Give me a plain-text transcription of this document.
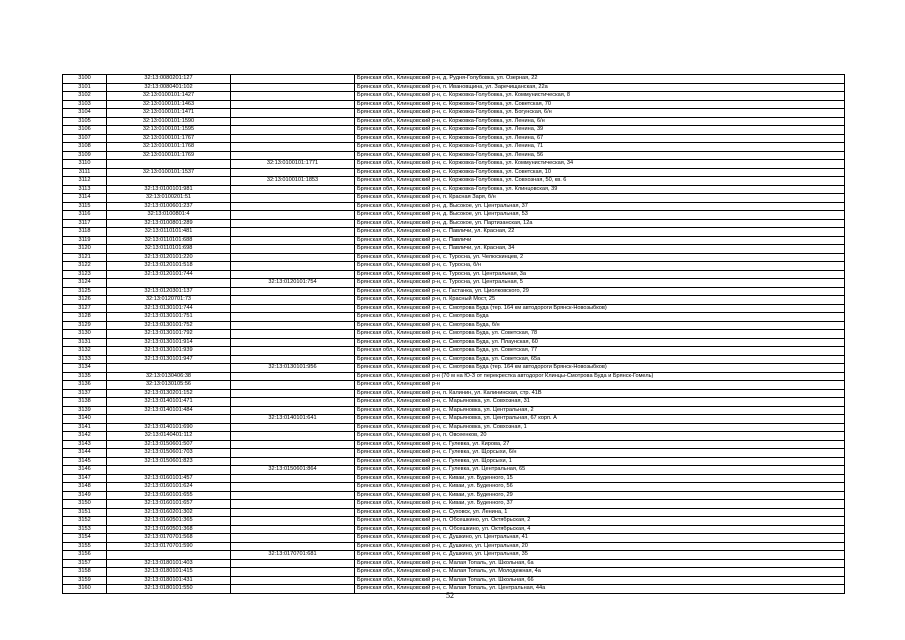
3100	32:13:0080201:127		Брянская обл., Клинцовский р-н, д. Рудня-Голубовка, ул. Озерная, 22
3101	32:13:0080401:102		Брянская обл., Клинцовский р-н, п. Ивановщина, ул. Заречищанская, 22а
3102	32:13:0100101:1427		Брянская обл., Клинцовский р-н, с. Коржовка-Голубовка, ул. Коммунистическая, 8
3103	32:13:0100101:1463		Брянская обл., Клинцовский р-н, с. Коржовка-Голубовка, ул. Советская, 70
3104	32:13:0100101:1471		Брянская обл., Клинцовский р-н, с. Коржовка-Голубовка, ул. Богунская, 6/н
3105	32:13:0100101:1590		Брянская обл., Клинцовский р-н, с. Коржовка-Голубовка, ул. Ленина, 6/н
3106	32:13:0100101:1595		Брянская обл., Клинцовский р-н, с. Коржовка-Голубовка, ул. Ленина, 39
3107	32:13:0100101:1767		Брянская обл., Клинцовский р-н, с. Коржовка-Голубовка, ул. Ленина, 67
3108	32:13:0100101:1768		Брянская обл., Клинцовский р-н, с. Коржовка-Голубовка, ул. Ленина, 71
3109	32:13:0100101:1769		Брянская обл., Клинцовский р-н, с. Коржовка-Голубовка, ул. Ленина, 56
3110		32:13:0100101:1771	Брянская обл., Клинцовский р-н, с. Коржовка-Голубовка, ул. Коммунистическая, 34
3111	32:13:0100101:1537		Брянская обл., Клинцовский р-н, с. Коржовка-Голубовка, ул. Советская, 10
3112		32:13:0100101:1853	Брянская обл., Клинцовский р-н, с. Коржовка-Голубовка, ул. Совхозная, 50, кв. 6
3113	32:13:0100101:981		Брянская обл., Клинцовский р-н, с. Коржовка-Голубовка, ул. Клинцовская, 39
3114	32:13:0100201:51		Брянская обл., Клинцовский р-н, п. Красная Заря, б/н
3115	32:13:0100601:237		Брянская обл., Клинцовский р-н, д. Высокое, ул. Центральная, 37
3116	32:13:0100801:4		Брянская обл., Клинцовский р-н, д. Высокое, ул. Центральная, 53
3117	32:13:0100801:289		Брянская обл., Клинцовский р-н, д. Высокое, ул. Партизанская, 12а
3118	32:13:0110101:481		Брянская обл., Клинцовский р-н, с. Павличи, ул. Красная, 22
3119	32:13:0110101:688		Брянская обл., Клинцовский р-н, с. Павличи
3120	32:13:0110101:698		Брянская обл., Клинцовский р-н, с. Павличи, ул. Красная, 34
3121	32:13:0120101:220		Брянская обл., Клинцовский р-н, с. Туросна, ул. Челюскинцев, 2
3122	32:13:0120101:518		Брянская обл., Клинцовский р-н, с. Туросна, б/н
3123	32:13:0120101:744		Брянская обл., Клинцовский р-н, с. Туросна, ул. Центральная, 3а
3124		32:13:0120101:754	Брянская обл., Клинцовский р-н, с. Туросна, ул. Центральная, 5
3125	32:13:0120301:137		Брянская обл., Клинцовский р-н, с. Гастанка, ул. Циолковского, 29
3126	32:13:0120701:73		Брянская обл., Клинцовский р-н, п. Красный Мост, 25
3127	32:13:0130101:744		Брянская обл., Клинцовский р-н, с. Смотрова Буда (тер. 164 км автодороги Брянск-Новозыбков)
3128	32:13:0130101:751		Брянская обл., Клинцовский р-н, с. Смотрова Буда
3129	32:13:0130101:752		Брянская обл., Клинцовский р-н, с. Смотрова Буда, б/н
3130	32:13:0130101:792		Брянская обл., Клинцовский р-н, с. Смотрова Буда, ул. Советская, 78
3131	32:13:0130101:914		Брянская обл., Клинцовский р-н, с. Смотрова Буда, ул. Плаунская, 60
3132	32:13:0130101:939		Брянская обл., Клинцовский р-н, с. Смотрова Буда, ул. Советская, 77
3133	32:13:0130101:947		Брянская обл., Клинцовский р-н, с. Смотрова Буда, ул. Советская, 65а
3134		32:13:0130101:956	Брянская обл., Клинцовский р-н, с. Смотрова Буда (тер. 164 км автодороги Брянск-Новозыбков)
3135	32:13:0130406:38		Брянская обл., Клинцовский р-н (70 м на Ю-З от перекрестка автодорог Клинцы-Смотрова Буда и Брянск-Гомель)
3136	32:13:0130105:56		Брянская обл., Клинцовский р-н
3137	32:13:0130201:152		Брянская обл., Клинцовский р-н, п. Калинин, ул. Калининская, стр. 41В
3138	32:13:0140101:471		Брянская обл., Клинцовский р-н, с. Марьяновка, ул. Совхозная, 31
3139	32:13:0140101:484		Брянская обл., Клинцовский р-н, с. Марьяновка, ул. Центральная, 2
3140		32:13:0140101:641	Брянская обл., Клинцовский р-н, с. Марьяновка, ул. Центральная, 67 корп. А
3141	32:13:0140101:690		Брянская обл., Клинцовский р-н, с. Марьяновка, ул. Совхозная, 1
3142	32:13:0140401:112		Брянская обл., Клинцовский р-н, п. Овсеенков, 20
3143	32:13:0150601:507		Брянская обл., Клинцовский р-н, с. Гулевка, ул. Кирова, 27
3144	32:13:0150601:703		Брянская обл., Клинцовский р-н, с. Гулевка, ул. Щорсыхи, 6/н
3145	32:13:0150601:823		Брянская обл., Клинцовский р-н, с. Гулевка, ул. Щорсыхи, 1
3146		32:13:0150601:864	Брянская обл., Клинцовский р-н, с. Гулевка, ул. Центральная, 65
3147	32:13:0160101:457		Брянская обл., Клинцовский р-н, с. Киваи, ул. Буденного, 15
3148	32:13:0160101:624		Брянская обл., Клинцовский р-н, с. Киваи, ул. Буденного, 56
3149	32:13:0160101:655		Брянская обл., Клинцовский р-н, с. Киваи, ул. Буденного, 29
3150	32:13:0160101:657		Брянская обл., Клинцовский р-н, с. Киваи, ул. Буденного, 37
3151	32:13:0160201:302		Брянская обл., Клинцовский р-н, с. Суховск, ул. Ленина, 1
3152	32:13:0160501:365		Брянская обл., Клинцовский р-н, п. Обсешкино, ул. Октябрьская, 2
3153	32:13:0160501:368		Брянская обл., Клинцовский р-н, п. Обсешкино, ул. Октябрьская, 4
3154	32:13:0170701:568		Брянская обл., Клинцовский р-н, с. Душкино, ул. Центральная, 41
3155	32:13:0170701:590		Брянская обл., Клинцовский р-н, с. Душкино, ул. Центральная, 20
3156		32:13:0170701:681	Брянская обл., Клинцовский р-н, с. Душкино, ул. Центральная, 35
3157	32:13:0180101:403		Брянская обл., Клинцовский р-н, с. Малая Топаль, ул. Школьная, 6а
3158	32:13:0180101:415		Брянская обл., Клинцовский р-н, с. Малая Топаль, ул. Молодежная, 4а
3159	32:13:0180101:431		Брянская обл., Клинцовский р-н, с. Малая Топаль, ул. Школьная, 66
3160	32:13:0180101:550		Брянская обл., Клинцовский р-н, с. Малая Топаль, ул. Центральная, 44а
52
